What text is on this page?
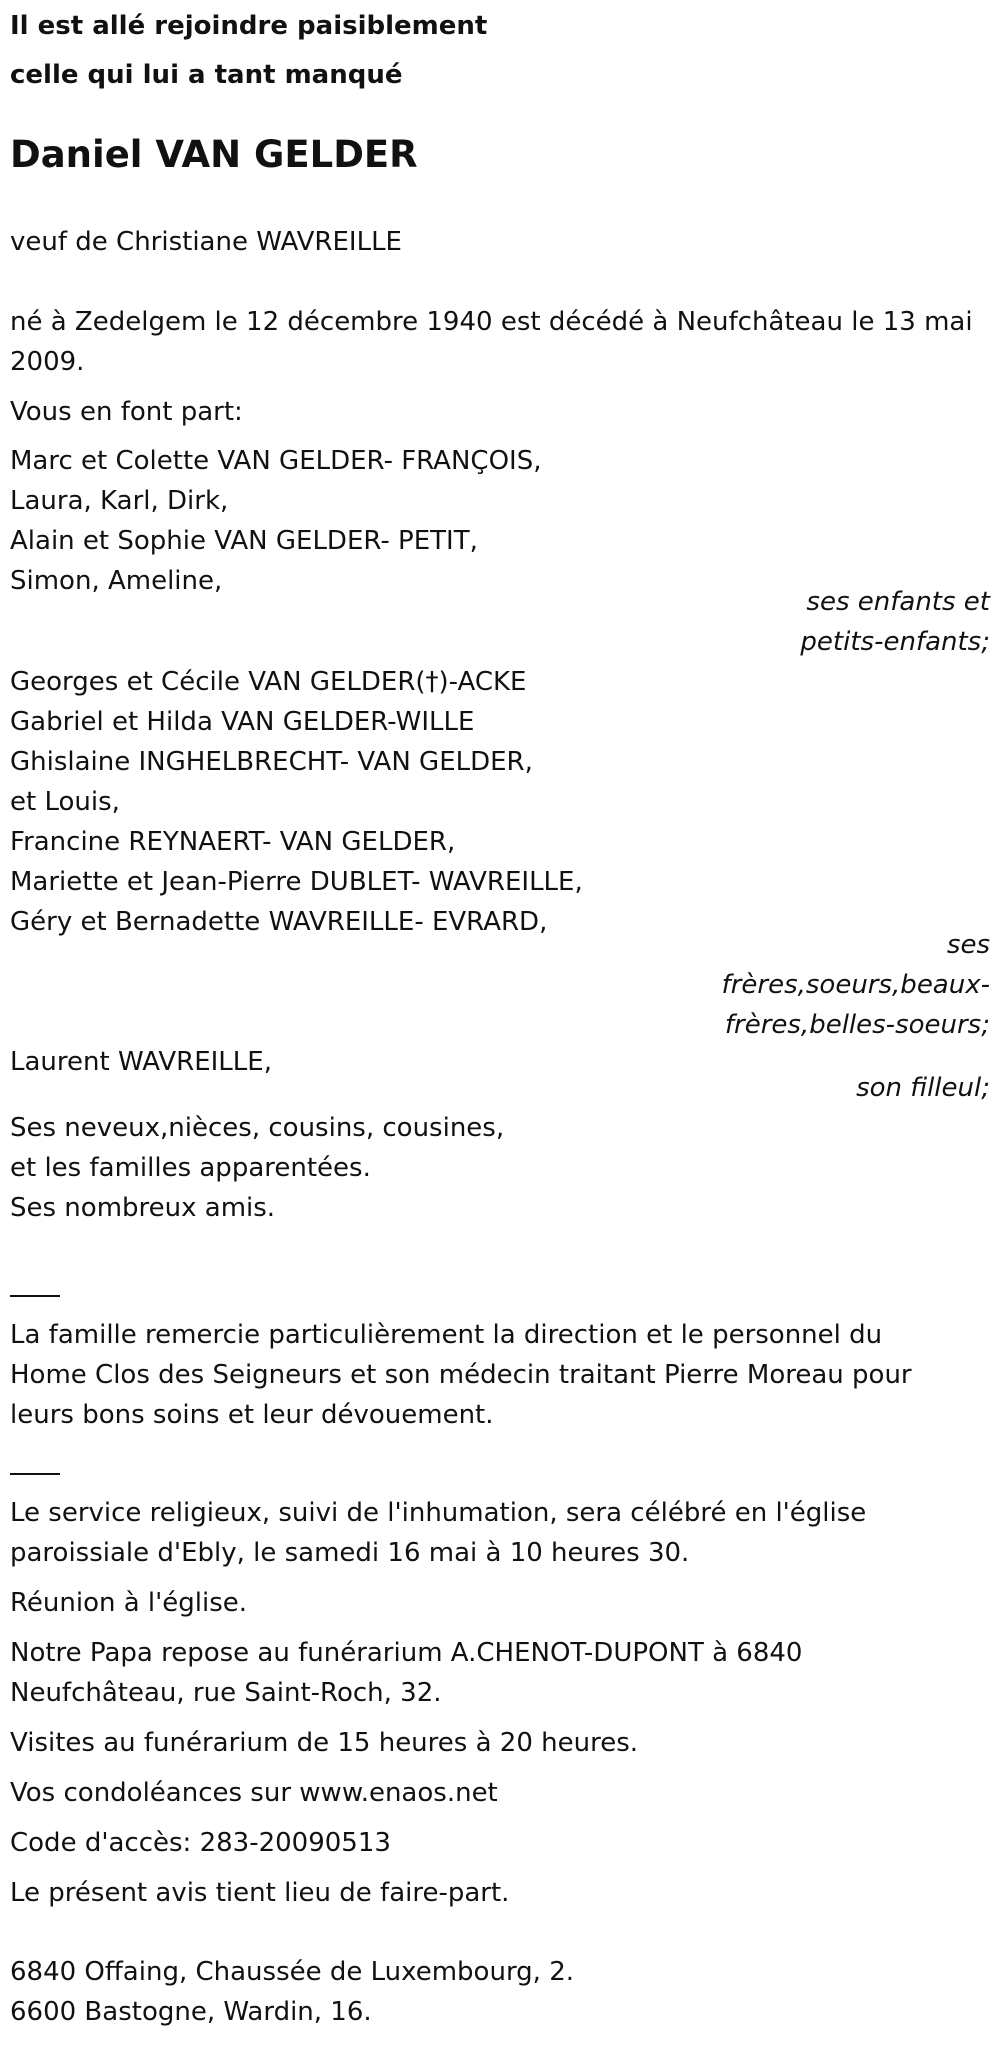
Il est allé rejoindre paisiblement
celle qui lui a tant manqué
Daniel VAN GELDER
veuf de Christiane WAVREILLE
né à Zedelgem le 12 décembre 1940 est décédé à Neufchâteau le 13 mai
2009.
Vous en font part:
Marc et Colette VAN GELDER- FRANÇOIS,
Laura, Karl, Dirk,
Alain et Sophie VAN GELDER- PETIT,
Simon, Ameline,
ses enfants et
petits-enfants;
Georges et Cécile VAN GELDER(†)-ACKE
Gabriel et Hilda VAN GELDER-WILLE
Ghislaine INGHELBRECHT- VAN GELDER,
et Louis,
Francine REYNAERT- VAN GELDER,
Mariette et Jean-Pierre DUBLET- WAVREILLE,
Géry et Bernadette WAVREILLE- EVRARD,
ses
frères,soeurs,beaux-
frères,belles-soeurs;
Laurent WAVREILLE,
son filleul;
Ses neveux,nièces, cousins, cousines,
et les familles apparentées.
Ses nombreux amis.
La famille remercie particulièrement la direction et le personnel du
Home Clos des Seigneurs et son médecin traitant Pierre Moreau pour
leurs bons soins et leur dévouement.
Le service religieux, suivi de l'inhumation, sera célébré en l'église
paroissiale d'Ebly, le samedi 16 mai à 10 heures 30.
Réunion à l'église.
Notre Papa repose au funérarium A.CHENOT-DUPONT à 6840
Neufchâteau, rue Saint-Roch, 32.
Visites au funérarium de 15 heures à 20 heures.
Vos condoléances sur www.enaos.net
Code d'accès: 283-20090513
Le présent avis tient lieu de faire-part.
6840 Offaing, Chaussée de Luxembourg, 2.
6600 Bastogne, Wardin, 16.
